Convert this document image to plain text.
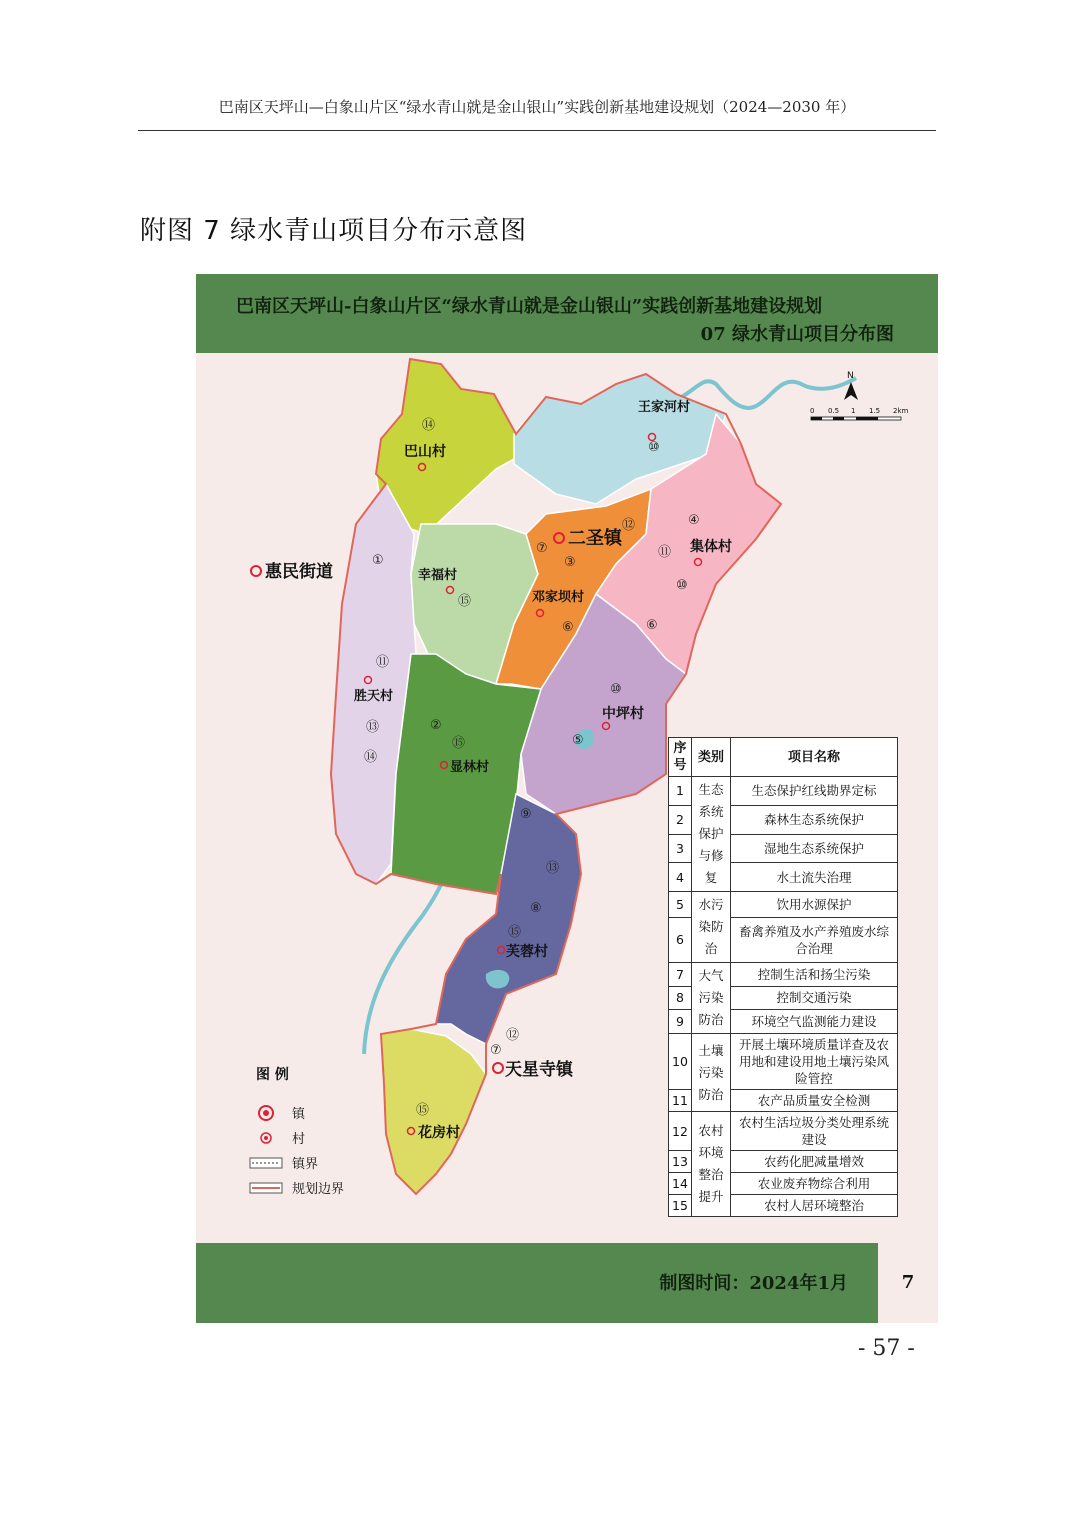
巴南区天坪山—白象山片区“绿水青山就是金山银山”实践创新基地建设规划（2024—2030 年）
附图 7 绿水青山项目分布示意图
巴南区天坪山-白象山片区“绿水青山就是金山银山”实践创新基地建设规划
07 绿水青山项目分布图
王家河村
巴山村
二圣镇	集体村
惠民街道	幸福村
邓家坝村
中坪村
胜天村
显林村
芙蓉村
天星寺镇
花房村
⑭
⑩
①
⑮
⑦
⑫
③
④
⑪
⑩
⑥	⑥
⑪
⑬
⑭
②
⑮
⑩
⑤
⑨
⑬
⑧
⑮
⑫
⑦
⑮
N
0 0.5 1 1.5 2km
序号	类别	项目名称
1	生态系统保护与修复	生态保护红线勘界定标
2		森林生态系统保护
3		湿地生态系统保护
4		水土流失治理
5	水污染防治	饮用水源保护
6		畜禽养殖及水产养殖废水综合治理
7	大气污染防治	控制生活和扬尘污染
8		控制交通污染
9		环境空气监测能力建设
10	土壤污染防治	开展土壤环境质量详查及农用地和建设用地土壤污染风险管控
11		农产品质量安全检测
12	农村环境整治提升	农村生活垃圾分类处理系统建设
13		农药化肥减量增效
14		农业废弃物综合利用
15		农村人居环境整治
图 例
镇
村
镇界
规划边界
制图时间：2024年1月	7
- 57 -
